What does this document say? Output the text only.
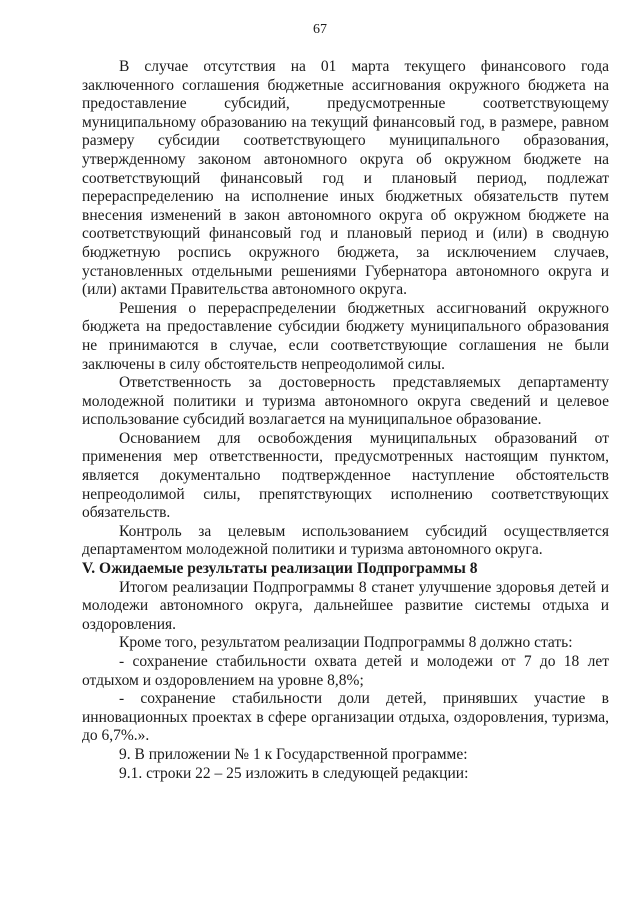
67

В случае отсутствия на 01 марта текущего финансового года заключенного соглашения бюджетные ассигнования окружного бюджета на предоставление субсидий, предусмотренные соответствующему муниципальному образованию на текущий финансовый год, в размере, равном размеру субсидии соответствующего муниципального образования, утвержденному законом автономного округа об окружном бюджете на соответствующий финансовый год и плановый период, подлежат перераспределению на исполнение иных бюджетных обязательств путем внесения изменений в закон автономного округа об окружном бюджете на соответствующий финансовый год и плановый период и (или) в сводную бюджетную роспись окружного бюджета, за исключением случаев, установленных отдельными решениями Губернатора автономного округа и (или) актами Правительства автономного округа.

Решения о перераспределении бюджетных ассигнований окружного бюджета на предоставление субсидии бюджету муниципального образования не принимаются в случае, если соответствующие соглашения не были заключены в силу обстоятельств непреодолимой силы.

Ответственность за достоверность представляемых департаменту молодежной политики и туризма автономного округа сведений и целевое использование субсидий возлагается на муниципальное образование.

Основанием для освобождения муниципальных образований от применения мер ответственности, предусмотренных настоящим пунктом, является документально подтвержденное наступление обстоятельств непреодолимой силы, препятствующих исполнению соответствующих обязательств.

Контроль за целевым использованием субсидий осуществляется департаментом молодежной политики и туризма автономного округа.

V. Ожидаемые результаты реализации Подпрограммы 8

Итогом реализации Подпрограммы 8 станет улучшение здоровья детей и молодежи автономного округа, дальнейшее развитие системы отдыха и оздоровления.

Кроме того, результатом реализации Подпрограммы 8 должно стать:

- сохранение стабильности охвата детей и молодежи от 7 до 18 лет отдыхом и оздоровлением на уровне 8,8%;

- сохранение стабильности доли детей, принявших участие в инновационных проектах в сфере организации отдыха, оздоровления, туризма, до 6,7%.».

9. В приложении № 1 к Государственной программе:

9.1. строки 22 – 25 изложить в следующей редакции:
